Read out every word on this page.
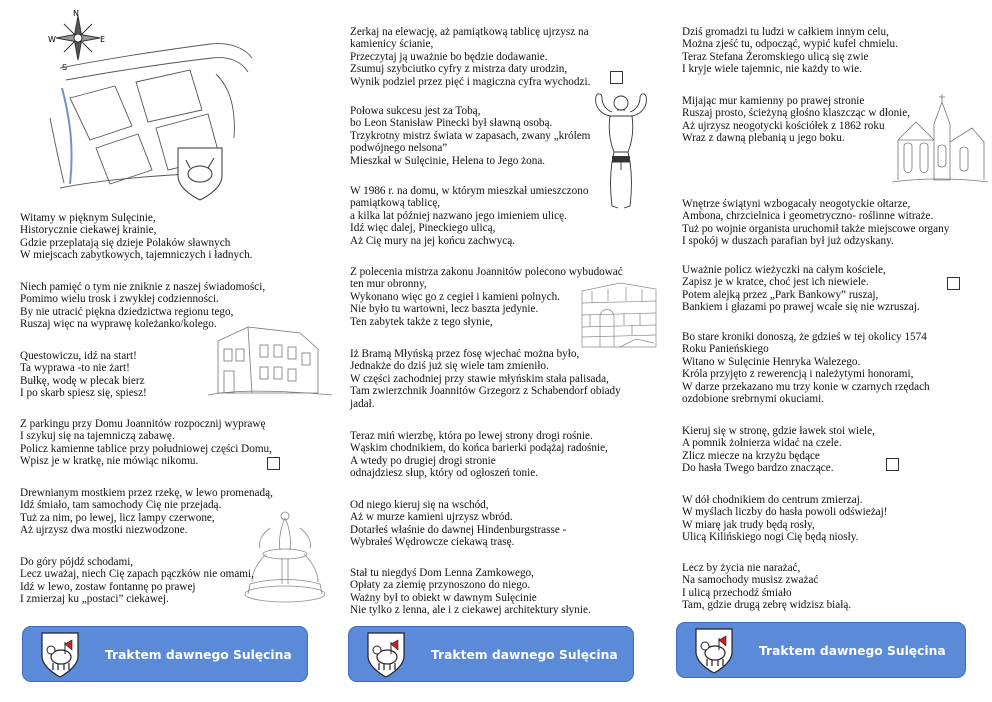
N
E
S
W
Witamy w pięknym Sulęcinie,
Historycznie ciekawej krainie,
Gdzie przeplatają się dzieje Polaków sławnych
W miejscach zabytkowych, tajemniczych i ładnych.
Niech pamięć o tym nie zniknie z naszej świadomości,
Pomimo wielu trosk i zwykłej codzienności.
By nie utracić piękna dziedzictwa regionu tego,
Ruszaj więc na wyprawę koleżanko/kolego.
Questowiczu, idź na start!
Ta wyprawa -to nie żart!
Bułkę, wodę w plecak bierz
I po skarb spiesz się, spiesz!
Z parkingu przy Domu Joannitów rozpocznij wyprawę
I szykuj się na tajemniczą zabawę.
Policz kamienne tablice przy południowej części Domu,
Wpisz je w kratkę, nie mówiąc nikomu.
Drewnianym mostkiem przez rzekę, w lewo promenadą,
Idź śmiało, tam samochody Cię nie przejadą.
Tuż za nim, po lewej, licz lampy czerwone,
Aż ujrzysz dwa mostki niezwodzone.
Do góry pójdź schodami,
Lecz uważaj, niech Cię zapach pączków nie omami,
Idź w lewo, zostaw fontannę po prawej
I zmierzaj ku „postaci” ciekawej.
Traktem dawnego Sulęcina
Zerkaj na elewację, aż pamiątkową tablicę ujrzysz na
kamienicy ścianie,
Przeczytaj ją uważnie bo będzie dodawanie.
Zsumuj szybciutko cyfry z mistrza daty urodzin,
Wynik podziel przez pięć i magiczna cyfra wychodzi.
Połowa sukcesu jest za Tobą,
bo Leon Stanisław Pinecki był sławną osobą.
Trzykrotny mistrz świata w zapasach, zwany „królem
podwójnego nelsona”
Mieszkał w Sulęcinie, Helena to Jego żona.
W 1986 r. na domu, w którym mieszkał umieszczono
pamiątkową tablicę,
a kilka lat później nazwano jego imieniem ulicę.
Idź więc dalej, Pineckiego ulicą,
Aż Cię mury na jej końcu zachwycą.
Z polecenia mistrza zakonu Joannitów polecono wybudować
ten mur obronny,
Wykonano więc go z cegieł i kamieni polnych.
Nie było tu wartowni, lecz baszta jedynie.
Ten zabytek także z tego słynie,
Iż Bramą Młyńską przez fosę wjechać można było,
Jednakże do dziś już się wiele tam zmieniło.
W części zachodniej przy stawie młyńskim stała palisada,
Tam zwierzchnik Joannitów Grzegorz z Schabendorf obiady
jadał.
Teraz miń wierzbę, która po lewej strony drogi rośnie.
Wąskim chodnikiem, do końca barierki podążaj radośnie,
A wtedy po drugiej drogi stronie
odnajdziesz słup, który od ogłoszeń tonie.
Od niego kieruj się na wschód,
Aż w murze kamieni ujrzysz wbród.
Dotarłeś właśnie do dawnej Hindenburgstrasse -
Wybrałeś Wędrowcze ciekawą trasę.
Stał tu niegdyś Dom Lenna Zamkowego,
Opłaty za ziemię przynoszono do niego.
Ważny był to obiekt w dawnym Sulęcinie
Nie tylko z lenna, ale i z ciekawej architektury słynie.
Traktem dawnego Sulęcina
Dziś gromadzi tu ludzi w całkiem innym celu,
Można zjeść tu, odpocząć, wypić kufel chmielu.
Teraz Stefana Żeromskiego ulicą się zwie
I kryje wiele tajemnic, nie każdy to wie.
Mijając mur kamienny po prawej stronie
Ruszaj prosto, ścieżyną głośno klaszcząc w dłonie,
Aż ujrzysz neogotycki kościółek z 1862 roku
Wraz z dawną plebanią u jego boku.
Wnętrze świątyni wzbogacały neogotyckie ołtarze,
Ambona, chrzcielnica i geometryczno- roślinne witraże.
Tuż po wojnie organista uruchomił także miejscowe organy
I spokój w duszach parafian był już odzyskany.
Uważnie policz wieżyczki na całym kościele,
Zapisz je w kratce, choć jest ich niewiele.
Potem alejką przez „Park Bankowy” ruszaj,
Bankiem i głazami po prawej wcale się nie wzruszaj.
Bo stare kroniki donoszą, że gdzieś w tej okolicy 1574
Roku Panieńskiego
Witano w Sulęcinie Henryka Walezego.
Króla przyjęto z rewerencją i należytymi honorami,
W darze przekazano mu trzy konie w czarnych rzędach
ozdobione srebrnymi okuciami.
Kieruj się w stronę, gdzie ławek stoi wiele,
A pomnik żołnierza widać na czele.
Zlicz miecze na krzyżu będące
Do hasła Twego bardzo znaczące.
W dół chodnikiem do centrum zmierzaj.
W myślach liczby do hasła powoli odświeżaj!
W miarę jak trudy będą rosły,
Ulicą Kilińskiego nogi Cię będą niosły.
Lecz by życia nie narażać,
Na samochody musisz zważać
I ulicą przechodź śmiało
Tam, gdzie drugą zebrę widzisz białą.
Traktem dawnego Sulęcina
